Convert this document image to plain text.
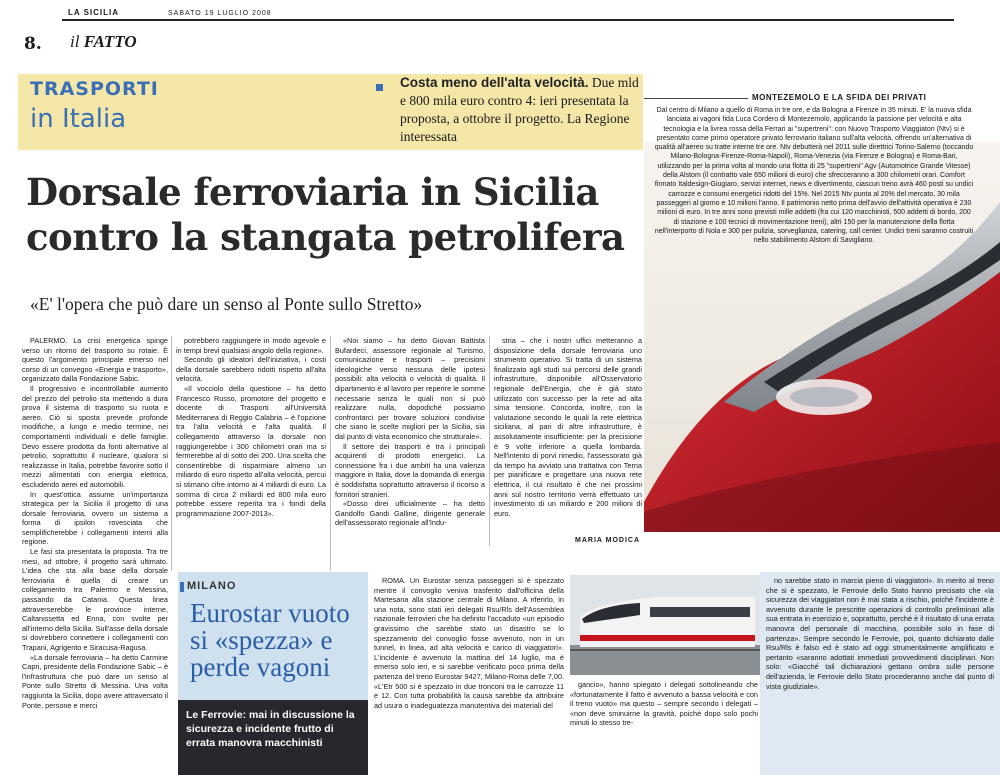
LA SICILIA	SABATO 19 LUGLIO 2008
8. il FATTO
TRASPORTI
in Italia
Costa meno dell'alta velocità. Due mld e 800 mila euro contro 4: ieri presentata la proposta, a ottobre il progetto. La Regione interessata
Dorsale ferroviaria in Sicilia contro la stangata petrolifera
«E' l'opera che può dare un senso al Ponte sullo Stretto»

PALERMO. La crisi energetica spinge verso un ritorno del trasporto su rotaie. È questo l'argomento principale emerso nel corso di un convegno «Energia e trasporto», organizzato dalla Fondazione Sabic.

Il progressivo e incontrollabile aumento del prezzo del petrolio sta mettendo a dura prova il sistema di trasporto su ruota e aereo. Ciò si sposta prevede profonde modifiche, a lungo e medio termine, nei comportamenti individuali e delle famiglie. Devo essere prodotta da fonti alternative al petrolio, soprattutto il nucleare, qualora si realizzasse in Italia, potrebbe favorire sotto il mezzi alimentati con energia elettrica, escludendo aerei ed automobili.

In quest'ottica assume un'importanza strategica per la Sicilia il progetto di una dorsale ferroviaria, ovvero un sistema a forma di ipsilon rovesciata che semplificherebbe i collegamenti interni alla regione.

Le fasi sta presentata la proposta. Tra tre mesi, ad ottobre, il progetto sarà ultimato. L'idea che sta alla base della dorsale ferroviaria è quella di creare un collegamento tra Palermo e Messina, passando da Catania. Questa linea attraverserebbe le province interne, Caltanissetta ed Enna, con svolte per all'interno della Sicilia. Sull'asse della dorsale si dovrebbero connettere i collegamenti con Trapani, Agrigento e Siracusa-Ragusa.

«La dorsale ferroviaria – ha detto Carmine Capri, presidente della Fondazione Sabic – è l'infrastruttura che può dare un senso al Ponte sullo Stretto di Messina. Una volta raggiunta la Sicilia, dopo avere attraversato il Ponte, persone e merci

potrebbero raggiungere in modo agevole e in tempi brevi qualsiasi angolo della regione».

Secondo gli ideatori dell'iniziativa, i costi della dorsale sarebbero ridotti rispetto all'alta velocità.

«Il vocciolo della questione – ha detto Francesco Russo, promotore del progetto e docente di Trasporti all'Università Mediterranea di Reggio Calabria – è l'opzione tra l'alta velocità e l'alta qualità. Il collegamento attraverso la dorsale non raggiungerebbe i 300 chilometri orari ma si fermerebbe al di sotto dei 200. Una scelta che consentirebbe di risparmiare almeno un miliardo di euro rispetto all'alta velocità, percui si stimano cifre intorno ai 4 miliardi di euro. La somma di circa 2 miliardi ed 800 mila euro potrebbe essere reperita tra i fondi della programmazione 2007-2013».

«Noi siamo – ha detto Giovan Battista Bufardeci, assessore regionale al Turismo, comunicazione e trasporti – precisioni ideologiche verso nessuna delle ipotesi possibili: alta velocità o velocità di qualità. Il dipartimento è al lavoro per reperire le somme necessarie senza le quali non si può realizzare nulla, dopodiché possiamo confrontarci per trovare soluzioni condivise che siano le scelte migliori per la Sicilia, sia dal punto di vista economico che strutturale».

Il settore dei trasporti è tra i principali acquirenti di prodotti energetici. La connessione fra i due ambiti ha una valenza maggiore in Italia, dove la domanda di energia è soddisfatta soprattutto attraverso il ricorso a fornitori stranieri.

«Dosso direi ufficialmente – ha detto Gandolfo Gandi Galline, dirigente generale dell'assessorato regionale all'Indu-

stria – che i nostri uffici metteranno a disposizione della dorsale ferroviaria uno strumento operativo. Si tratta di un sistema finalizzato agli studi sui percorsi delle grandi infrastrutture, disponibile all'Osservatorio regionale dell'Energia, che è già stato utilizzato con successo per la rete ad alta sima tensione. Concorda, inoltre, con la valutazione secondo le quali la rete elettrica siciliana, al pari di altre infrastrutture, è assolutamente insufficiente: per la precisione è 9 volte inferiore a quella lombarda. Nell'intento di porvi rimedio, l'assessorato già da tempo ha avviato una trattativa con Terna per pianificare e progettare una nuova rete elettrica, il cui risultato è che nei prossimi anni sul nostro territorio verrà effettuato un investimento di un miliardo e 200 milioni di euro.

MARIA MODICA
MONTEZEMOLO E LA SFIDA DEI PRIVATI
Dal centro di Milano a quello di Roma in tre ore, e da Bologna a Firenze in 35 minuti. E' la nuova sfida lanciata ai vagoni fida Luca Cordero di Montezemolo, applicando la passione per velocità e alta tecnologia e la livrea rossa della Ferrari ai "supertreni": con Nuovo Trasporto Viaggiatori (Ntv) si è presentato come primo operatore privato ferroviario italiano sull'alta velocità, offrendo un'alternativa di qualità all'aereo su tratte interne tre ore. Ntv debutterà nel 2011 sulle direttrici Torino-Salerno (toccando Milano-Bologna-Firenze-Roma-Napoli), Roma-Venezia (via Firenze e Bologna) e Roma-Bari, utilizzando per la prima volta al mondo una flotta di 25 "supertreni" Agv (Automotrice Grande Vitesse) della Alstom (il contratto vale 650 milioni di euro) che sfrecceranno a 300 chilometri orari. Comfort firmato Italdesign-Giugiaro, servizi internet, news e divertimento, ciascun treno avrà 460 posti su undici carrozze e consumi energetici ridotti del 15%. Nel 2015 Ntv punta al 20% del mercato, 30 mila passeggeri al giorno e 10 milioni l'anno. Il patrimonio netto prima dell'avvio dell'attività operativa è 230 milioni di euro. In tre anni sono previsti mille addetti (fra cui 120 macchinisti, 500 addetti di bordo, 200 di stazione e 100 tecnici di movimentazione treni), altri 150 per la manutenzione della flotta nell'interporto di Nola e 300 per pulizia, sorveglianza, catering, call center. Undici treni saranno costruiti nello stabilimento Alstom di Savigliano.
MILANO
Eurostar vuoto si «spezza» e perde vagoni
Le Ferrovie: mai in discussione la sicurezza e incidente frutto di errata manovra macchinisti

ROMA. Un Eurostar senza passeggeri si è spezzato mentre il convoglio veniva trasferito dall'officina della Martesana alla stazione centrale di Milano. A riferirlo, in una nota, sono stati ieri delegati Rsu/Rls dell'Assemblea nazionale ferrovieri che ha definito l'accaduto «un episodio gravissimo che sarebbe stato un disastro se lo spezzamento del convoglio fosse avvenuto, non in un tunnel, in linea, ad alta velocità e carico di viaggiatori». L'incidente è avvenuto la mattina del 14 luglio, ma è emerso solo ieri, e si sarebbe verificato poco prima della partenza del treno Eurostar 9427, Milano-Roma delle 7,00. «L'Etr 500 si è spezzato in due tronconi tra le carrozze 11 e 12. Con tutta probabilità la causa sarebbe da attribuire ad usura o inadeguatezza manutentiva dei materiali del

gancio», hanno spiegato i delegati sottolineando che «fortunatamente il fatto è avvenuto a bassa velocità e con il treno vuoto» ma questo – sempre secondo i delegati – «non deve sminuirne la gravità, poiché dopo solo pochi minuti lo stesso tre-

no sarebbe stato in marcia pieno di viaggiatori». In merito al treno che si è spezzato, le Ferrovie dello Stato hanno precisato che «la sicurezza dei viaggiatori non è mai stata a rischio, poiché l'incidente è avvenuto durante le prescritte operazioni di controllo preliminari alla sua entrata in esercizio e, soprattutto, perché è il risultato di una errata manovra del personale di macchina, possibile solo in fase di partenza». Sempre secondo le Ferrovie, poi, quanto dichiarato dalle Rsu/Rls è falso ed è stato ad oggi strumentalmente amplificato e pertanto «saranno adottati immediati provvedimenti disciplinari. Non solo: «Giacché tali dichiarazioni gettano ombra sulle persone dell'azienda, le Ferrovie dello Stato procederanno anche dal punto di vista giudiziale».
